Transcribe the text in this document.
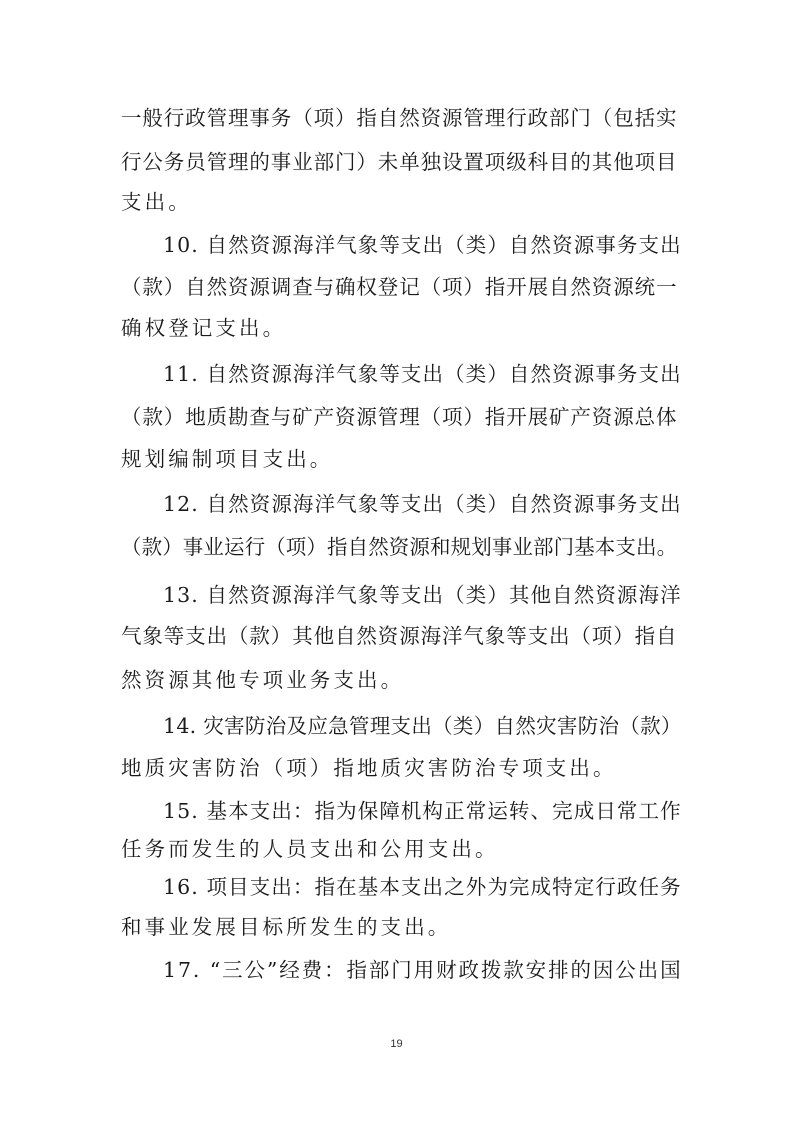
一般行政管理事务（项）指自然资源管理行政部门（包括实
行公务员管理的事业部门）未单独设置项级科目的其他项目
支出。
10. 自然资源海洋气象等支出（类）自然资源事务支出
（款）自然资源调查与确权登记（项）指开展自然资源统一
确权登记支出。
11. 自然资源海洋气象等支出（类）自然资源事务支出
（款）地质勘查与矿产资源管理（项）指开展矿产资源总体
规划编制项目支出。
12. 自然资源海洋气象等支出（类）自然资源事务支出
（款）事业运行（项）指自然资源和规划事业部门基本支出。
13. 自然资源海洋气象等支出（类）其他自然资源海洋
气象等支出（款）其他自然资源海洋气象等支出（项）指自
然资源其他专项业务支出。
14. 灾害防治及应急管理支出（类）自然灾害防治（款）
地质灾害防治（项）指地质灾害防治专项支出。
15. 基本支出：指为保障机构正常运转、完成日常工作
任务而发生的人员支出和公用支出。
16. 项目支出：指在基本支出之外为完成特定行政任务
和事业发展目标所发生的支出。
17. “三公”经费：指部门用财政拨款安排的因公出国
19
